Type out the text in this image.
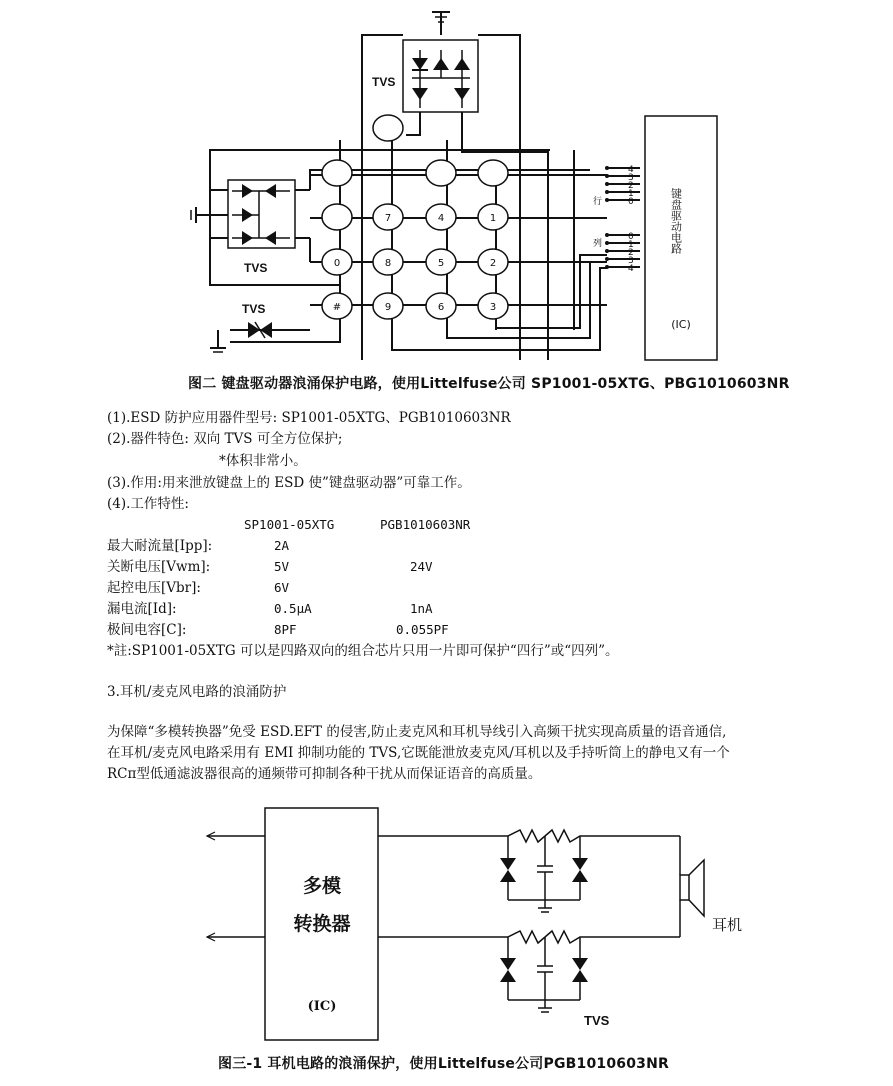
7	4	1
0	8	5	2
#	9	6	3
TVS
TVS
TVS
行
列
4
3
2
1
0
0
1
2
3
4
键盘驱动电路
(IC)
多模
转换器
(IC)
耳机
TVS
图二 键盘驱动器浪涌保护电路，使用Littelfuse公司 SP1001-05XTG、PBG1010603NR
(1).ESD 防护应用器件型号: SP1001-05XTG、PGB1010603NR
(2).器件特色: 双向 TVS 可全方位保护;
*体积非常小。
(3).作用:用来泄放键盘上的 ESD 使”键盘驱动器”可靠工作。
(4).工作特性:
SP1001-05XTG	PGB1010603NR
最大耐流量[Ipp]:	2A
关断电压[Vwm]:	5V	24V
起控电压[Vbr]:	6V
漏电流[Id]:	0.5μA	1nA
极间电容[C]:	8PF	0.055PF
*註:SP1001-05XTG 可以是四路双向的组合芯片只用一片即可保护“四行”或“四列”。
3.耳机/麦克风电路的浪涌防护
为保障“多模转换器”免受 ESD.EFT 的侵害,防止麦克风和耳机导线引入高频干扰实现高质量的语音通信,
在耳机/麦克风电路采用有 EMI 抑制功能的 TVS,它既能泄放麦克风/耳机以及手持听筒上的静电又有一个
RCπ型低通滤波器很高的通频带可抑制各种干扰从而保证语音的高质量。
图三-1 耳机电路的浪涌保护，使用Littelfuse公司PGB1010603NR
